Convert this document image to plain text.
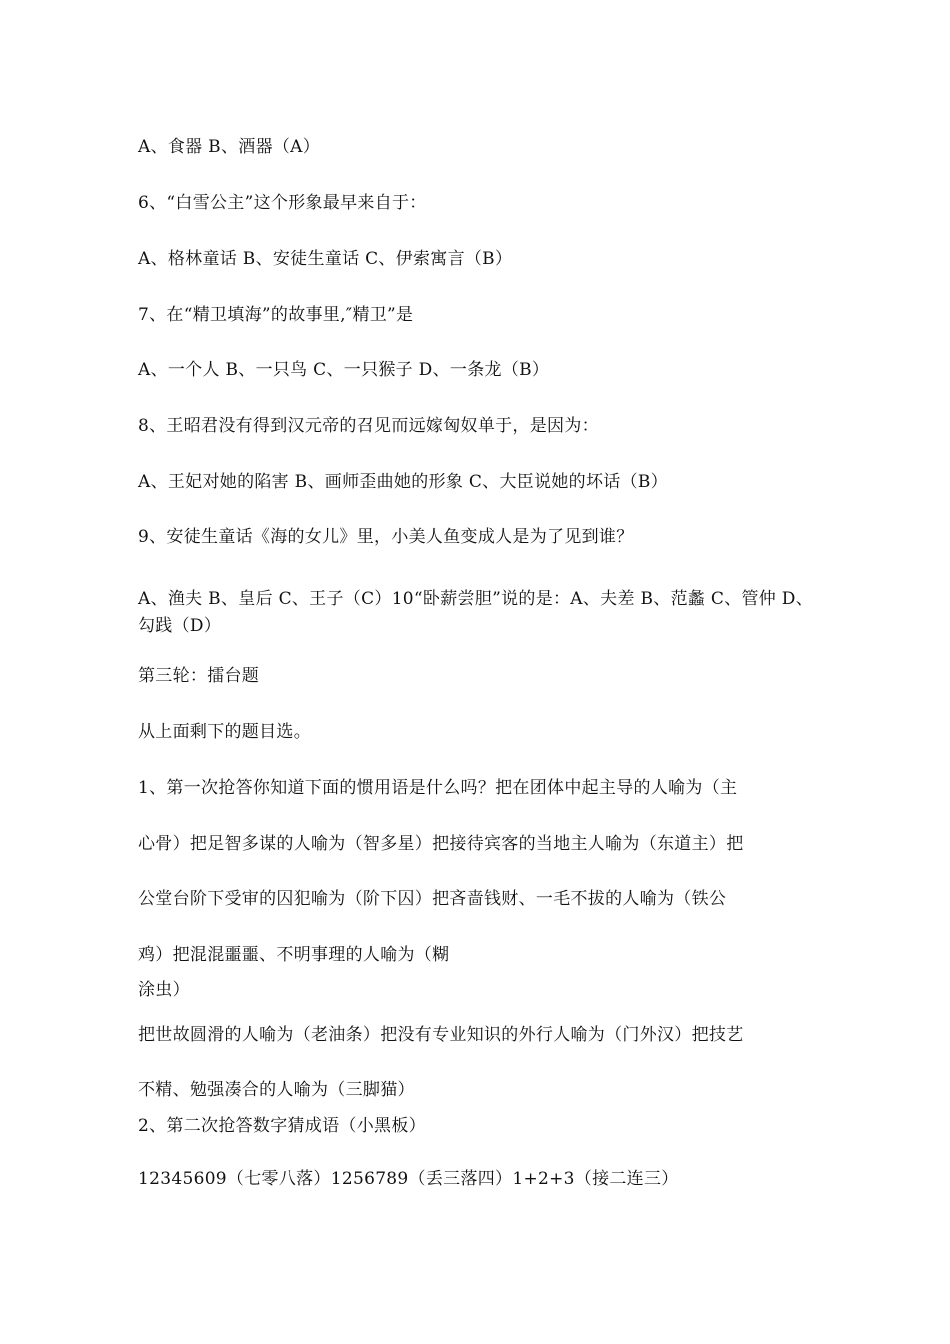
A、食器 B、酒器（A）
6、“白雪公主”这个形象最早来自于：
A、格林童话 B、安徒生童话 C、伊索寓言（B）
7、在“精卫填海”的故事里,″精卫”是
A、一个人 B、一只鸟 C、一只猴子 D、一条龙（B）
8、王昭君没有得到汉元帝的召见而远嫁匈奴单于，是因为：
A、王妃对她的陷害 B、画师歪曲她的形象 C、大臣说她的坏话（B）
9、安徒生童话《海的女儿》里，小美人鱼变成人是为了见到谁？
A、渔夫 B、皇后 C、王子（C）10“卧薪尝胆”说的是：A、夫差 B、范蠡 C、管仲 D、
勾践（D）
第三轮：擂台题
从上面剩下的题目选。
1、第一次抢答你知道下面的惯用语是什么吗？把在团体中起主导的人喻为（主
心骨）把足智多谋的人喻为（智多星）把接待宾客的当地主人喻为（东道主）把
公堂台阶下受审的囚犯喻为（阶下囚）把吝啬钱财、一毛不拔的人喻为（铁公
鸡）把混混噩噩、不明事理的人喻为（糊
涂虫）
把世故圆滑的人喻为（老油条）把没有专业知识的外行人喻为（门外汉）把技艺
不精、勉强凑合的人喻为（三脚猫）
2、第二次抢答数字猜成语（小黑板）
12345609（七零八落）1256789（丢三落四）1+2+3（接二连三）
